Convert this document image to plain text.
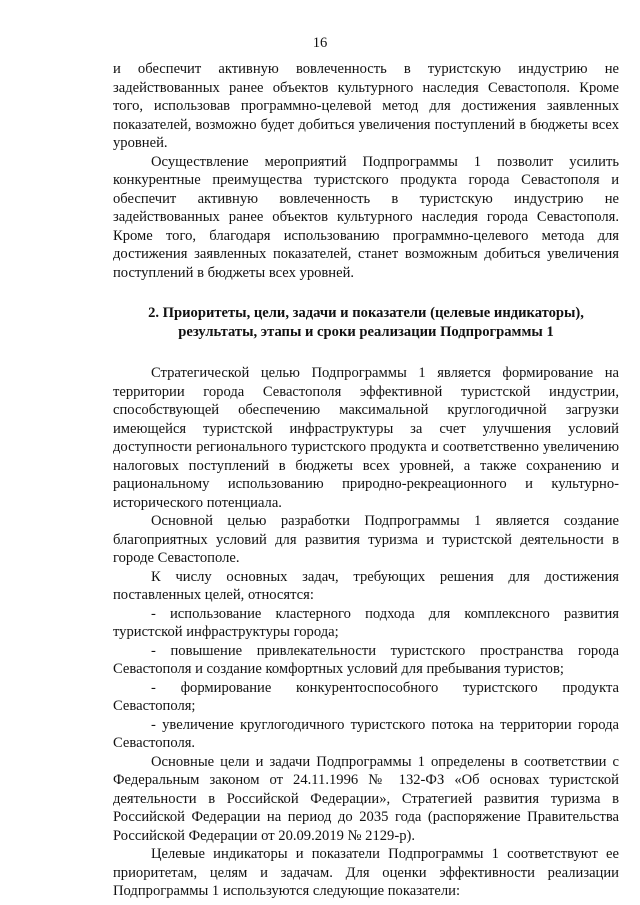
16

и обеспечит активную вовлеченность в туристскую индустрию не задействованных ранее объектов культурного наследия Севастополя. Кроме того, использовав программно-целевой метод для достижения заявленных показателей, возможно будет добиться увеличения поступлений в бюджеты всех уровней.

Осуществление мероприятий Подпрограммы 1 позволит усилить конкурентные преимущества туристского продукта города Севастополя и обеспечит активную вовлеченность в туристскую индустрию не задействованных ранее объектов культурного наследия города Севастополя. Кроме того, благодаря использованию программно-целевого метода для достижения заявленных показателей, станет возможным добиться увеличения поступлений в бюджеты всех уровней.

2. Приоритеты, цели, задачи и показатели (целевые индикаторы), результаты, этапы и сроки реализации Подпрограммы 1

Стратегической целью Подпрограммы 1 является формирование на территории города Севастополя эффективной туристской индустрии, способствующей обеспечению максимальной круглогодичной загрузки имеющейся туристской инфраструктуры за счет улучшения условий доступности регионального туристского продукта и соответственно увеличению налоговых поступлений в бюджеты всех уровней, а также сохранению и рациональному использованию природно-рекреационного и культурно-исторического потенциала.

Основной целью разработки Подпрограммы 1 является создание благоприятных условий для развития туризма и туристской деятельности в городе Севастополе.

К числу основных задач, требующих решения для достижения поставленных целей, относятся:

- использование кластерного подхода для комплексного развития туристской инфраструктуры города;

- повышение привлекательности туристского пространства города Севастополя и создание комфортных условий для пребывания туристов;

- формирование конкурентоспособного туристского продукта Севастополя;

- увеличение круглогодичного туристского потока на территории города Севастополя.

Основные цели и задачи Подпрограммы 1 определены в соответствии с Федеральным законом от 24.11.1996 № 132-ФЗ «Об основах туристской деятельности в Российской Федерации», Стратегией развития туризма в Российской Федерации на период до 2035 года (распоряжение Правительства Российской Федерации от 20.09.2019 № 2129-р).

Целевые индикаторы и показатели Подпрограммы 1 соответствуют ее приоритетам, целям и задачам. Для оценки эффективности реализации Подпрограммы 1 используются следующие показатели:
